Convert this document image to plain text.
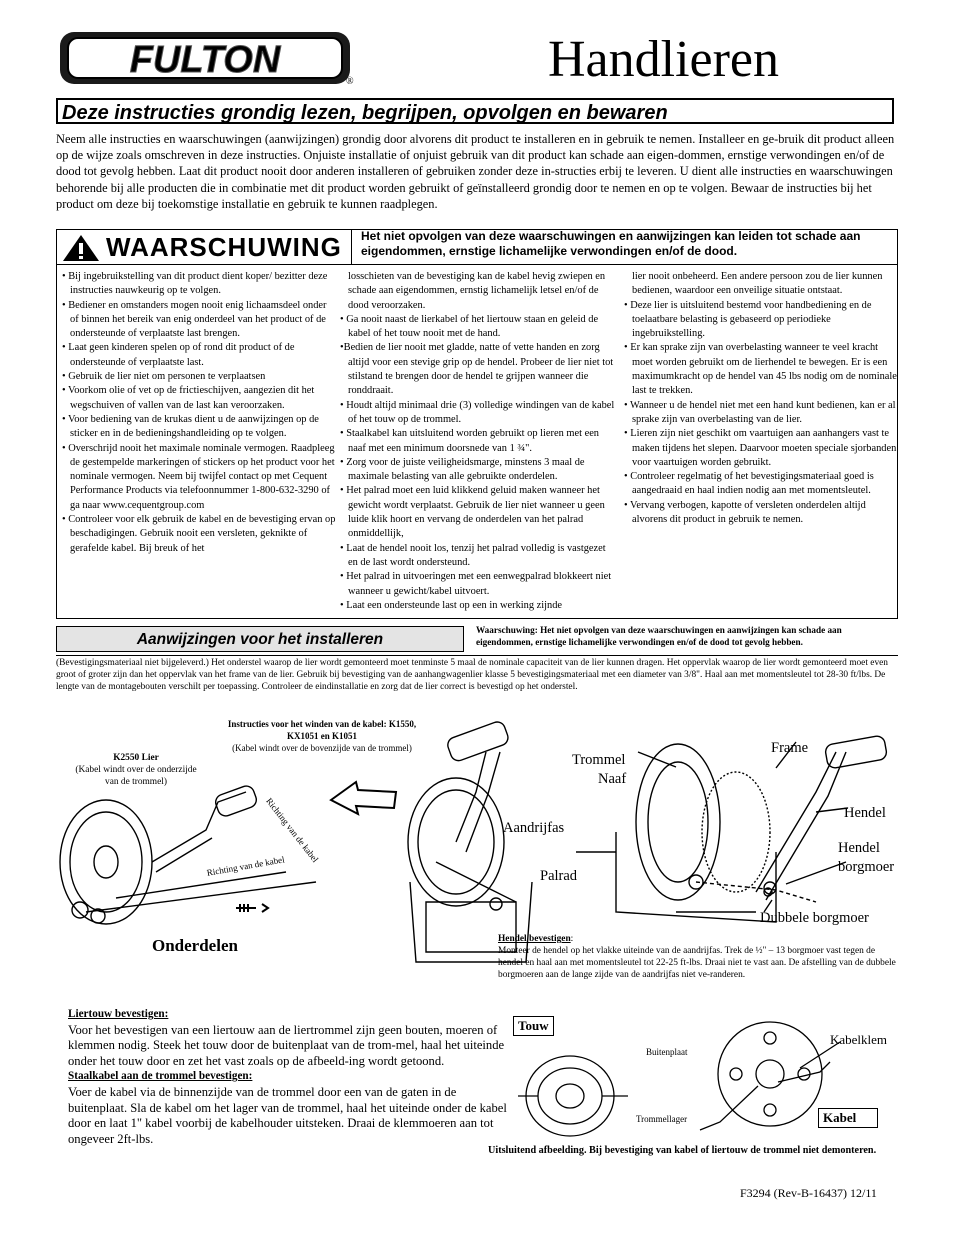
FULTON
®	Handlieren
Deze instructies grondig lezen, begrijpen, opvolgen en bewaren
Neem alle instructies en waarschuwingen (aanwijzingen) grondig door alvorens dit product te installeren en in gebruik te nemen. Installeer en ge-bruik dit product alleen op de wijze zoals omschreven in deze instructies. Onjuiste installatie of onjuist gebruik van dit product kan schade aan eigen-dommen, ernstige verwondingen en/of de dood tot gevolg hebben. Laat dit product nooit door anderen installeren of gebruiken zonder deze in-structies erbij te leveren. U dient alle instructies en waarschuwingen behorende bij alle producten die in combinatie met dit product worden gebruikt of geïnstalleerd grondig door te nemen en op te volgen. Bewaar de instructies bij het product om deze bij toekomstige installatie en gebruik te kunnen raadplegen.
WAARSCHUWING Het niet opvolgen van deze waarschuwingen en aanwijzingen kan leiden tot schade aan eigendommen, ernstige lichamelijke verwondingen en/of de dood.

• Bij ingebruikstelling van dit product dient koper/ bezitter deze instructies nauwkeurig op te volgen.

• Bediener en omstanders mogen nooit enig lichaamsdeel onder of binnen het bereik van enig onderdeel van het product of de ondersteunde of verplaatste last brengen.

• Laat geen kinderen spelen op of rond dit product of de ondersteunde of verplaatste last.

• Gebruik de lier niet om personen te verplaatsen

• Voorkom olie of vet op de frictieschijven, aangezien dit het wegschuiven of vallen van de last kan veroorzaken.

• Voor bediening van de krukas dient u de aanwijzingen op de sticker en in de bedieningshandleiding op te volgen.

• Overschrijd nooit het maximale nominale vermogen. Raadpleeg de gestempelde markeringen of stickers op het product voor het nominale vermogen. Neem bij twijfel contact op met Cequent Performance Products via telefoonnummer 1-800-632-3290 of ga naar www.cequentgroup.com

• Controleer voor elk gebruik de kabel en de bevestiging ervan op beschadigingen. Gebruik nooit een versleten, geknikte of gerafelde kabel. Bij breuk of het

losschieten van de bevestiging kan de kabel hevig zwiepen en schade aan eigendommen, ernstig lichamelijk letsel en/of de dood veroorzaken.

• Ga nooit naast de lierkabel of het liertouw staan en geleid de kabel of het touw nooit met de hand.

•Bedien de lier nooit met gladde, natte of vette handen en zorg altijd voor een stevige grip op de hendel. Probeer de lier niet tot stilstand te brengen door de hendel te grijpen wanneer die ronddraait.

• Houdt altijd minimaal drie (3) volledige windingen van de kabel of het touw op de trommel.

• Staalkabel kan uitsluitend worden gebruikt op lieren met een naaf met een minimum doorsnede van 1 ¾".

• Zorg voor de juiste veiligheidsmarge, minstens 3 maal de maximale belasting van alle gebruikte onderdelen.

• Het palrad moet een luid klikkend geluid maken wanneer het gewicht wordt verplaatst. Gebruik de lier niet wanneer u geen luide klik hoort en vervang de onderdelen van het palrad onmiddellijk,

• Laat de hendel nooit los, tenzij het palrad volledig is vastgezet en de last wordt ondersteund.

• Het palrad in uitvoeringen met een eenwegpalrad blokkeert niet wanneer u gewicht/kabel uitvoert.

• Laat een ondersteunde last op een in werking zijnde

lier nooit onbeheerd. Een andere persoon zou de lier kunnen bedienen, waardoor een onveilige situatie ontstaat.

• Deze lier is uitsluitend bestemd voor handbediening en de toelaatbare belasting is gebaseerd op periodieke ingebruikstelling.

• Er kan sprake zijn van overbelasting wanneer te veel kracht moet worden gebruikt om de lierhendel te bewegen. Er is een maximumkracht op de hendel van 45 lbs nodig om de nominale last te trekken.

• Wanneer u de hendel niet met een hand kunt bedienen, kan er al sprake zijn van overbelasting van de lier.

• Lieren zijn niet geschikt om vaartuigen aan aanhangers vast te maken tijdens het slepen. Daarvoor moeten speciale sjorbanden voor vaartuigen worden gebruikt.

• Controleer regelmatig of het bevestigingsmateriaal goed is aangedraaid en haal indien nodig aan met momentsleutel.

• Vervang verbogen, kapotte of versleten onderdelen altijd alvorens dit product in gebruik te nemen.

Aanwijzingen voor het installeren
Waarschuwing: Het niet opvolgen van deze waarschuwingen en aanwijzingen kan schade aan eigendommen, ernstige lichamelijke verwondingen en/of de dood tot gevolg hebben.
(Bevestigingsmateriaal niet bijgeleverd.) Het onderstel waarop de lier wordt gemonteerd moet tenminste 5 maal de nominale capaciteit van de lier kunnen dragen. Het oppervlak waarop de lier wordt gemonteerd moet even groot of groter zijn dan het oppervlak van het frame van de lier. Gebruik bij bevestiging van de aanhangwagenlier klasse 5 bevestigingsmateriaal met een diameter van 3/8". Haal aan met momentsleutel tot 28-30 ft/lbs. De lengte van de montagebouten verschilt per toepassing. Controleer de eindinstallatie en zorg dat de lier correct is bevestigd op het onderstel.
Instructies voor het winden van de kabel: K1550,
KX1051 en K1051
(Kabel windt over de bovenzijde van de trommel)
K2550 Lier
(Kabel windt over de onderzijde
van de trommel)
Richting van de kabel
Richting van de kabel
Trommel
Naaf
Frame
Hendel
Aandrijfas
Hendel
borgmoer
Palrad
Dubbele borgmoer
Onderdelen	Hendel bevestigen:
Monteer de hendel op het vlakke uiteinde van de aandrijfas. Trek de ½" – 13 borgmoer vast tegen de hendel en haal aan met momentsleutel tot 22-25 ft-lbs. Draai niet te vast aan. De afstelling van de dubbele borgmoeren aan de lange zijde van de aandrijfas niet ve-randeren.
Liertouw bevestigen:
Voor het bevestigen van een liertouw aan de liertrommel zijn geen bouten, moeren of klemmen nodig. Steek het touw door de buitenplaat van de trom-mel, haal het uiteinde onder het touw door en zet het vast zoals op de afbeeld-ing wordt getoond.
Staalkabel aan de trommel bevestigen:
Voer de kabel via de binnenzijde van de trommel door een van de gaten in de buitenplaat. Sla de kabel om het lager van de trommel, haal het uiteinde onder de kabel door en laat 1" kabel voorbij de kabelhouder uitsteken. Draai de klemmoeren aan tot ongeveer 2ft-lbs.
Touw
Buitenplaat
Kabelklem
Trommellager	Kabel
Uitsluitend afbeelding. Bij bevestiging van kabel of liertouw de trommel niet demonteren.
F3294 (Rev-B-16437) 12/11
